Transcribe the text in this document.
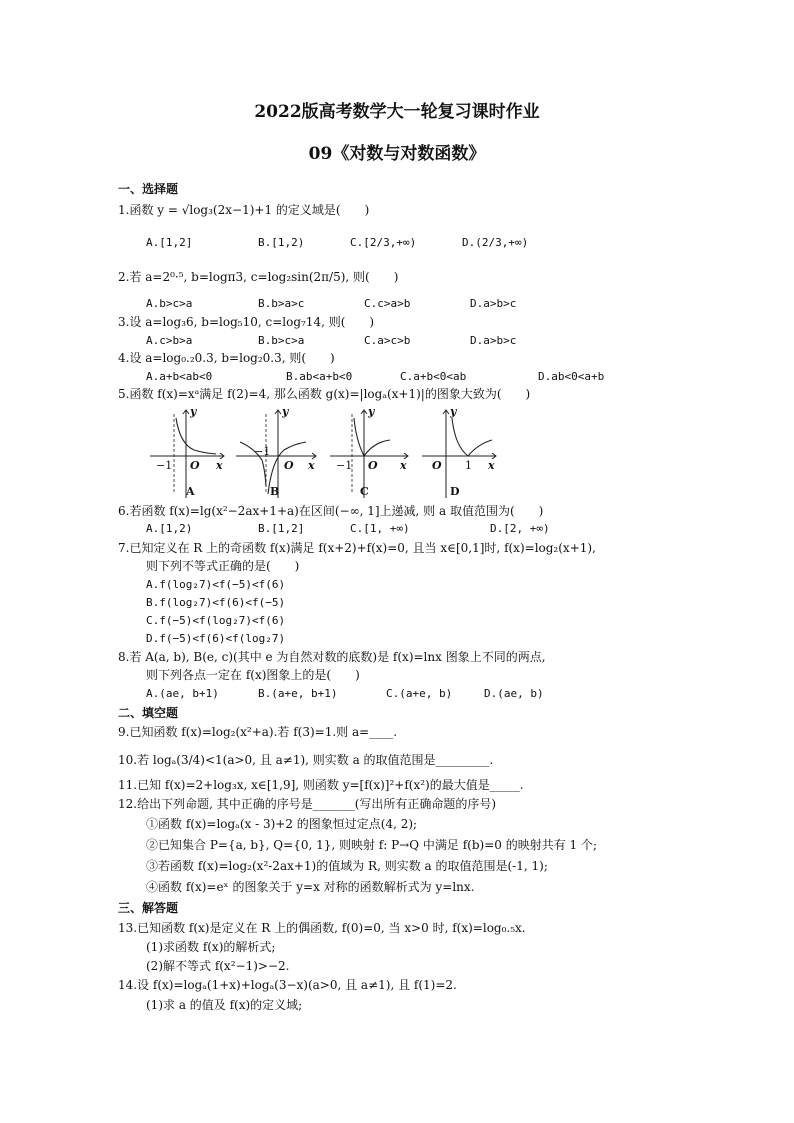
2022版高考数学大一轮复习课时作业
09《对数与对数函数》
一、选择题
1.函数 y = √log₃(2x−1)+1 的定义域是(　　)
A.[1,2]	B.[1,2)	C.[2/3,+∞)	D.(2/3,+∞)
2.若 a=2⁰·⁵, b=logπ3, c=log₂sin(2π/5), 则(　　)
A.b>c>a	B.b>a>c	C.c>a>b	D.a>b>c
3.设 a=log₃6, b=log₅10, c=log₇14, 则(　　)
A.c>b>a	B.b>c>a	C.a>c>b	D.a>b>c
4.设 a=log₀.₂0.3, b=log₂0.3, 则(　　)
A.a+b<ab<0	B.ab<a+b<0	C.a+b<0<ab	D.ab<0<a+b
5.函数 f(x)=xᵃ满足 f(2)=4, 那么函数 g(x)=|logₐ(x+1)|的图象大致为(　　)
y
x
O
−1
A
y
x
O
−1
B
y
x
O
−1
C
y
x
O 1
D
6.若函数 f(x)=lg(x²−2ax+1+a)在区间(−∞, 1]上递减, 则 a 取值范围为(　　)
A.[1,2)	B.[1,2]	C.[1, +∞)	D.[2, +∞)
7.已知定义在 R 上的奇函数 f(x)满足 f(x+2)+f(x)=0, 且当 x∈[0,1]时, f(x)=log₂(x+1),
则下列不等式正确的是(　　)
A.f(log₂7)<f(−5)<f(6)
B.f(log₂7)<f(6)<f(−5)
C.f(−5)<f(log₂7)<f(6)
D.f(−5)<f(6)<f(log₂7)
8.若 A(a, b), B(e, c)(其中 e 为自然对数的底数)是 f(x)=lnx 图象上不同的两点,
则下列各点一定在 f(x)图象上的是(　　)
A.(ae, b+1)	B.(a+e, b+1)	C.(a+e, b)	D.(ae, b)
二、填空题
9.已知函数 f(x)=log₂(x²+a).若 f(3)=1.则 a=____.
10.若 logₐ(3/4)<1(a>0, 且 a≠1), 则实数 a 的取值范围是_________.
11.已知 f(x)=2+log₃x, x∈[1,9], 则函数 y=[f(x)]²+f(x²)的最大值是_____.
12.给出下列命题, 其中正确的序号是_______(写出所有正确命题的序号)
①函数 f(x)=logₐ(x - 3)+2 的图象恒过定点(4, 2);
②已知集合 P={a, b}, Q={0, 1}, 则映射 f: P→Q 中满足 f(b)=0 的映射共有 1 个;
③若函数 f(x)=log₂(x²-2ax+1)的值域为 R, 则实数 a 的取值范围是(-1, 1);
④函数 f(x)=eˣ 的图象关于 y=x 对称的函数解析式为 y=lnx.
三、解答题
13.已知函数 f(x)是定义在 R 上的偶函数, f(0)=0, 当 x>0 时, f(x)=log₀.₅x.
(1)求函数 f(x)的解析式;
(2)解不等式 f(x²−1)>−2.
14.设 f(x)=logₐ(1+x)+logₐ(3−x)(a>0, 且 a≠1), 且 f(1)=2.
(1)求 a 的值及 f(x)的定义域;
